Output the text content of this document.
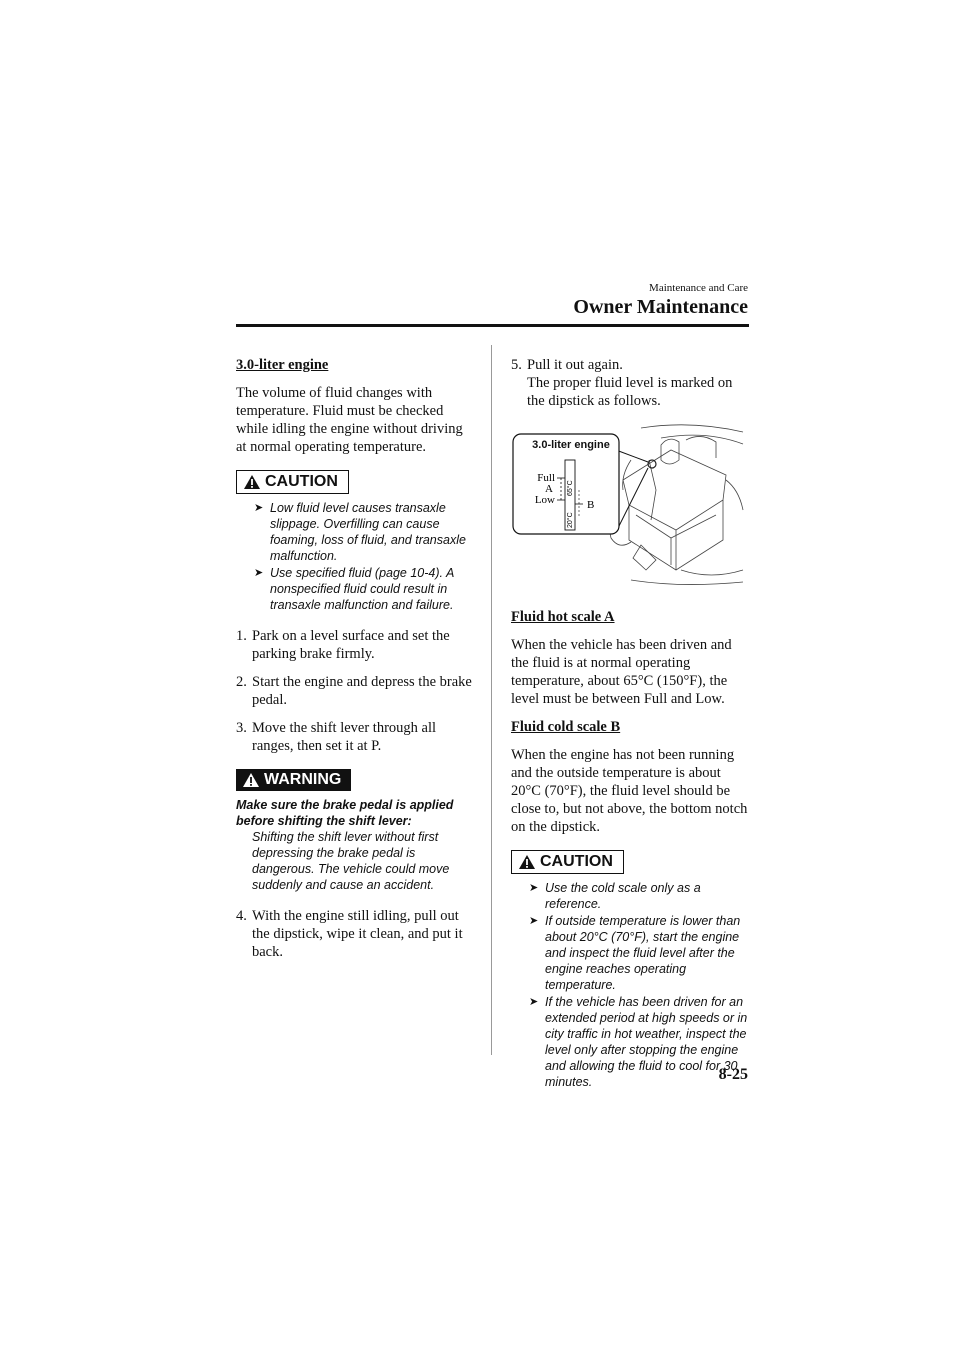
Maintenance and Care
Owner Maintenance
3.0-liter engine

The volume of fluid changes with temperature. Fluid must be checked while idling the engine without driving at normal operating temperature.

CAUTION
➤ Low fluid level causes transaxle slippage. Overfilling can cause foaming, loss of fluid, and transaxle malfunction.
➤ Use specified fluid (page 10-4). A nonspecified fluid could result in transaxle malfunction and failure.
1. Park on a level surface and set the parking brake firmly.
2. Start the engine and depress the brake pedal.
3. Move the shift lever through all ranges, then set it at P.
WARNING
Make sure the brake pedal is applied before shifting the shift lever:
Shifting the shift lever without first depressing the brake pedal is dangerous. The vehicle could move suddenly and cause an accident.
4. With the engine still idling, pull out the dipstick, wipe it clean, and put it back.
5. Pull it out again.
The proper fluid level is marked on the dipstick as follows.
Full
A
Low	B
20°C
65°C
3.0-liter engine
Fluid hot scale A

When the vehicle has been driven and the fluid is at normal operating temperature, about 65°C (150°F), the level must be between Full and Low.

Fluid cold scale B

When the engine has not been running and the outside temperature is about 20°C (70°F), the fluid level should be close to, but not above, the bottom notch on the dipstick.

CAUTION
➤ Use the cold scale only as a reference.
➤ If outside temperature is lower than about 20°C (70°F), start the engine and inspect the fluid level after the engine reaches operating temperature.
➤ If the vehicle has been driven for an extended period at high speeds or in city traffic in hot weather, inspect the level only after stopping the engine and allowing the fluid to cool for 30 minutes.	8-25
